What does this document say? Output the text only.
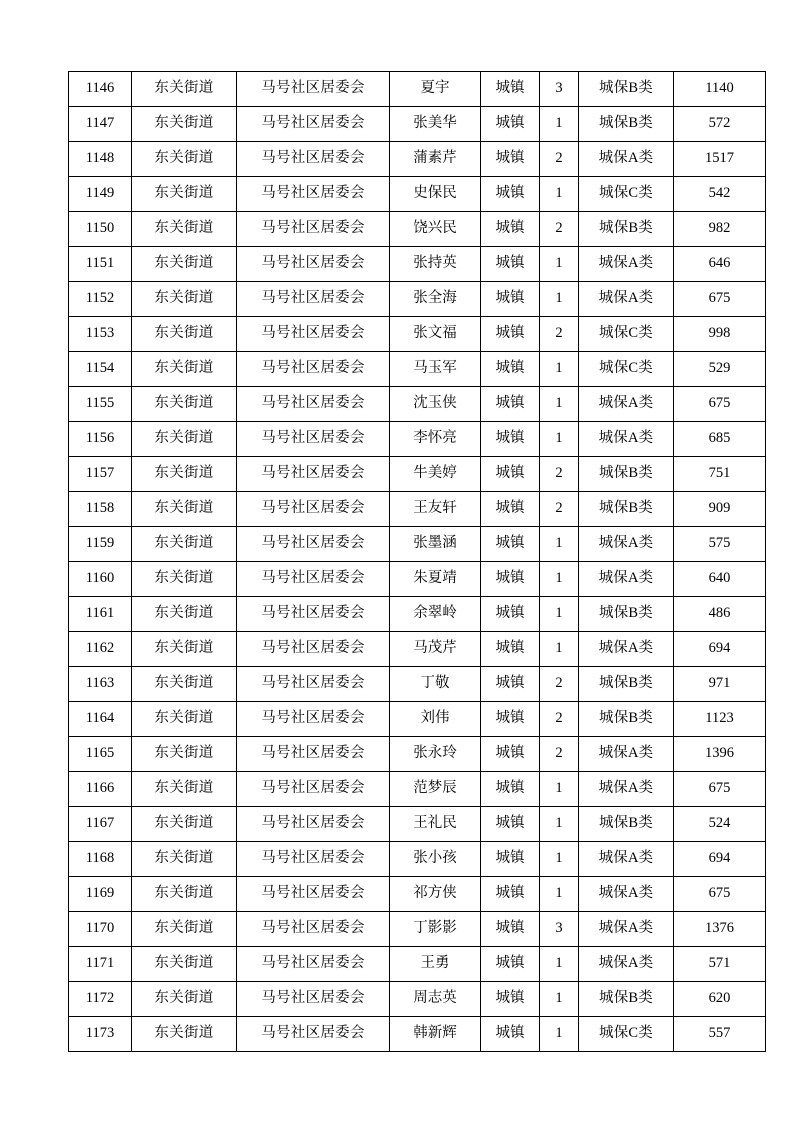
1146	东关街道	马号社区居委会	夏宇	城镇	3	城保B类	1140
1147	东关街道	马号社区居委会	张美华	城镇	1	城保B类	572
1148	东关街道	马号社区居委会	蒲素芹	城镇	2	城保A类	1517
1149	东关街道	马号社区居委会	史保民	城镇	1	城保C类	542
1150	东关街道	马号社区居委会	饶兴民	城镇	2	城保B类	982
1151	东关街道	马号社区居委会	张持英	城镇	1	城保A类	646
1152	东关街道	马号社区居委会	张全海	城镇	1	城保A类	675
1153	东关街道	马号社区居委会	张文福	城镇	2	城保C类	998
1154	东关街道	马号社区居委会	马玉军	城镇	1	城保C类	529
1155	东关街道	马号社区居委会	沈玉侠	城镇	1	城保A类	675
1156	东关街道	马号社区居委会	李怀亮	城镇	1	城保A类	685
1157	东关街道	马号社区居委会	牛美婷	城镇	2	城保B类	751
1158	东关街道	马号社区居委会	王友轩	城镇	2	城保B类	909
1159	东关街道	马号社区居委会	张墨涵	城镇	1	城保A类	575
1160	东关街道	马号社区居委会	朱夏靖	城镇	1	城保A类	640
1161	东关街道	马号社区居委会	余翠岭	城镇	1	城保B类	486
1162	东关街道	马号社区居委会	马茂芹	城镇	1	城保A类	694
1163	东关街道	马号社区居委会	丁敬	城镇	2	城保B类	971
1164	东关街道	马号社区居委会	刘伟	城镇	2	城保B类	1123
1165	东关街道	马号社区居委会	张永玲	城镇	2	城保A类	1396
1166	东关街道	马号社区居委会	范梦辰	城镇	1	城保A类	675
1167	东关街道	马号社区居委会	王礼民	城镇	1	城保B类	524
1168	东关街道	马号社区居委会	张小孩	城镇	1	城保A类	694
1169	东关街道	马号社区居委会	祁方侠	城镇	1	城保A类	675
1170	东关街道	马号社区居委会	丁影影	城镇	3	城保A类	1376
1171	东关街道	马号社区居委会	王勇	城镇	1	城保A类	571
1172	东关街道	马号社区居委会	周志英	城镇	1	城保B类	620
1173	东关街道	马号社区居委会	韩新辉	城镇	1	城保C类	557
